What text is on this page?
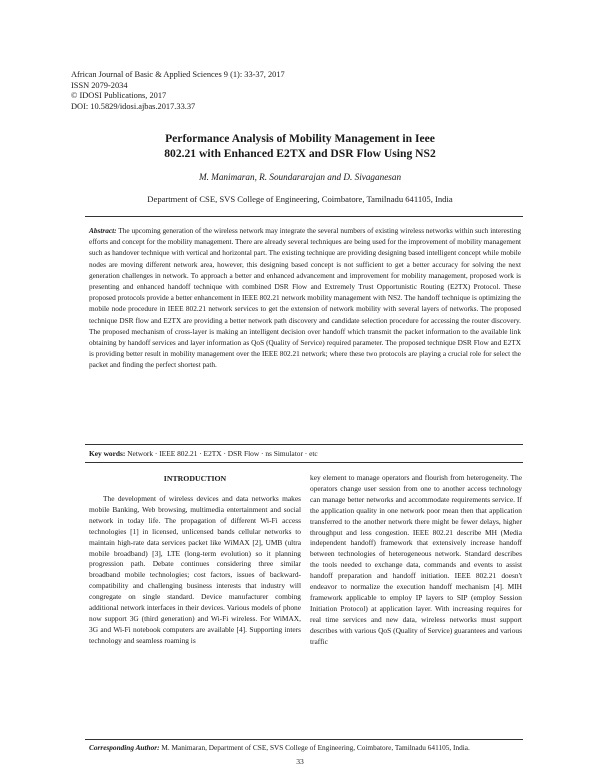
African Journal of Basic & Applied Sciences 9 (1): 33-37, 2017
ISSN 2079-2034
© IDOSI Publications, 2017
DOI: 10.5829/idosi.ajbas.2017.33.37
Performance Analysis of Mobility Management in Ieee
802.21 with Enhanced E2TX and DSR Flow Using NS2
M. Manimaran, R. Soundararajan and D. Sivaganesan
Department of CSE, SVS College of Engineering, Coimbatore, Tamilnadu 641105, India
Abstract: The upcoming generation of the wireless network may integrate the several numbers of existing wireless networks within such interesting efforts and concept for the mobility management. There are already several techniques are being used for the improvement of mobility management such as handover technique with vertical and horizontal part. The existing technique are providing designing based intelligent concept while mobile nodes are moving different network area, however, this designing based concept is not sufficient to get a better accuracy for solving the next generation challenges in network. To approach a better and enhanced advancement and improvement for mobility management, proposed work is presenting and enhanced handoff technique with combined DSR Flow and Extremely Trust Opportunistic Routing (E2TX) Protocol. These proposed protocols provide a better enhancement in IEEE 802.21 network mobility management with NS2. The handoff technique is optimizing the mobile node procedure in IEEE 802.21 network services to get the extension of network mobility with several layers of networks. The proposed technique DSR flow and E2TX are providing a better network path discovery and candidate selection procedure for accessing the router discovery. The proposed mechanism of cross-layer is making an intelligent decision over handoff which transmit the packet information to the available link obtaining by handoff services and layer information as QoS (Quality of Service) required parameter. The proposed technique DSR Flow and E2TX is providing better result in mobility management over the IEEE 802.21 network; where these two protocols are playing a crucial role for select the packet and finding the perfect shortest path.
Key words: Network · IEEE 802.21 · E2TX · DSR Flow · ns Simulator · etc
INTRODUCTION

The development of wireless devices and data networks makes mobile Banking, Web browsing, multimedia entertainment and social network in today life. The propagation of different Wi-Fi access technologies [1] in licensed, unlicensed bands cellular networks to maintain high-rate data services packet like WiMAX [2], UMB (ultra mobile broadband) [3], LTE (long-term evolution) so it planning progression path. Debate continues considering three similar broadband mobile technologies; cost factors, issues of backward-compatibility and challenging business interests that industry will congregate on single standard. Device manufacturer combing additional network interfaces in their devices. Various models of phone now support 3G (third generation) and Wi-Fi wireless. For WiMAX, 3G and Wi-Fi notebook computers are available [4]. Supporting inters technology and seamless roaming is

key element to manage operators and flourish from heterogeneity. The operators change user session from one to another access technology can manage better networks and accommodate requirements service. If the application quality in one network poor mean then that application transferred to the another network there might be fewer delays, higher throughput and less congestion. IEEE 802.21 describe MH (Media independent handoff) framework that extensively increase handoff between technologies of heterogeneous network. Standard describes the tools needed to exchange data, commands and events to assist handoff preparation and handoff initiation. IEEE 802.21 doesn't endeavor to normalize the execution handoff mechanism [4]. MIH framework applicable to employ IP layers to SIP (employ Session Initiation Protocol) at application layer. With increasing requires for real time services and new data, wireless networks must support describes with various QoS (Quality of Service) guarantees and various traffic

Corresponding Author: M. Manimaran, Department of CSE, SVS College of Engineering, Coimbatore, Tamilnadu 641105, India.
33
